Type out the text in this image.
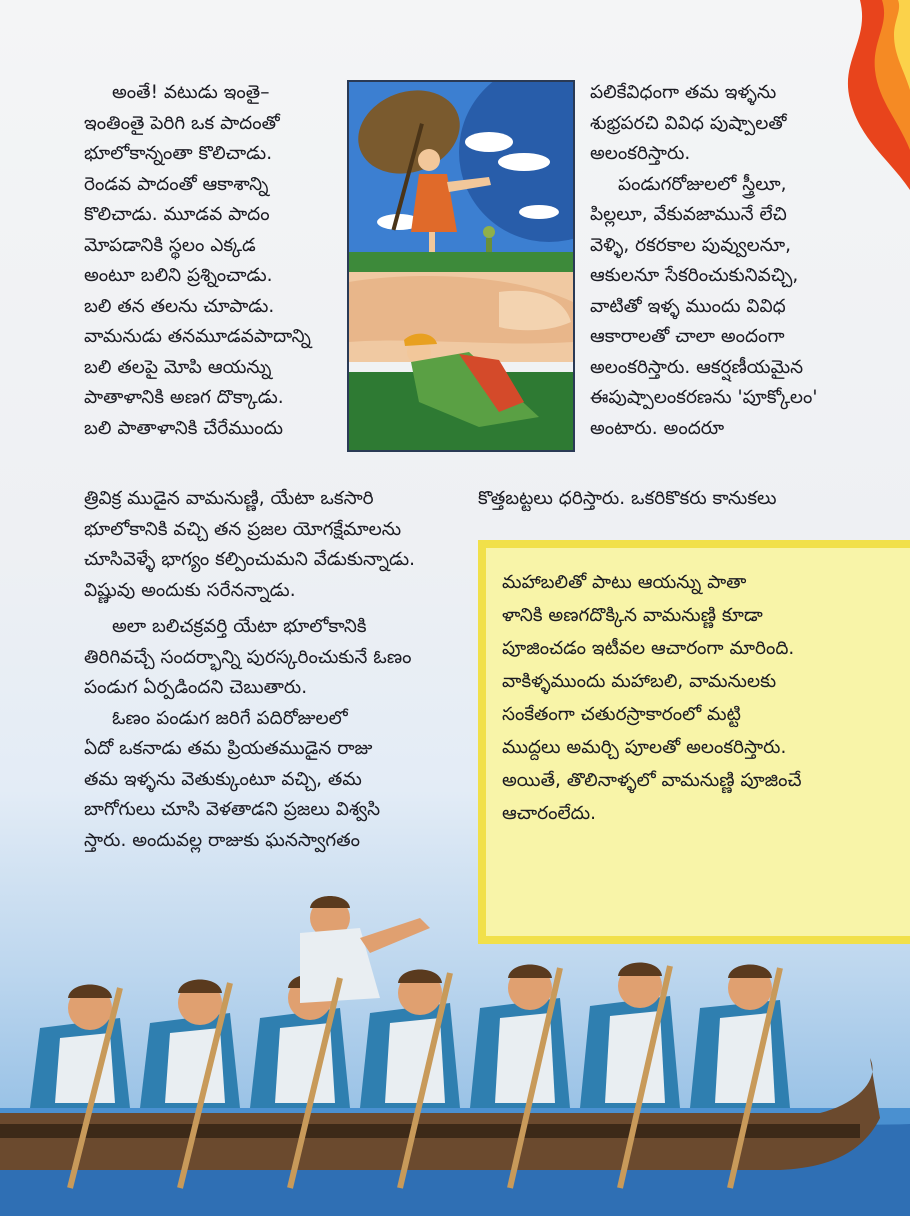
అంతే! వటుడు ఇంతై–
ఇంతింతై పెరిగి ఒక పాదంతో
భూలోకాన్నంతా కొలిచాడు.
రెండవ పాదంతో ఆకాశాన్ని
కొలిచాడు. మూడవ పాదం
మోపడానికి స్థలం ఎక్కడ
అంటూ బలిని ప్రశ్నించాడు.
బలి తన తలను చూపాడు.
వామనుడు తనమూడవపాదాన్ని
బలి తలపై మోపి ఆయన్ను
పాతాళానికి అణగ దొక్కాడు.
బలి పాతాళానికి చేరేముందు
పలికేవిధంగా తమ ఇళ్ళను
శుభ్రపరచి వివిధ పుష్పాలతో
అలంకరిస్తారు.
పండుగరోజులలో స్త్రీలూ,
పిల్లలూ, వేకువజామునే లేచి
వెళ్ళి, రకరకాల పువ్వులనూ,
ఆకులనూ సేకరించుకునివచ్చి,
వాటితో ఇళ్ళ ముందు వివిధ
ఆకారాలతో చాలా అందంగా
అలంకరిస్తారు. ఆకర్షణీయమైన
ఈపుష్పాలంకరణను 'పూక్కోలం'
అంటారు. అందరూ
కొత్తబట్టలు ధరిస్తారు. ఒకరికొకరు కానుకలు
త్రివిక్ర ముడైన వామనుణ్ణి, యేటా ఒకసారి
భూలోకానికి వచ్చి తన ప్రజల యోగక్షేమాలను
చూసివెళ్ళే భాగ్యం కల్పించుమని వేడుకున్నాడు.
విష్ణువు అందుకు సరేనన్నాడు.
అలా బలిచక్రవర్తి యేటా భూలోకానికి
తిరిగివచ్చే సందర్భాన్ని పురస్కరించుకునే ఓణం
పండుగ ఏర్పడిందని చెబుతారు.
ఓణం పండుగ జరిగే పదిరోజులలో
ఏదో ఒకనాడు తమ ప్రియతముడైన రాజు
తమ ఇళ్ళను వెతుక్కుంటూ వచ్చి, తమ
బాగోగులు చూసి వెళతాడని ప్రజలు విశ్వసి
స్తారు. అందువల్ల రాజుకు ఘనస్వాగతం
మహాబలితో పాటు ఆయన్ను పాతా
ళానికి అణగదొక్కిన వామనుణ్ణి కూడా
పూజించడం ఇటీవల ఆచారంగా మారింది.
వాకిళ్ళముందు మహాబలి, వామనులకు
సంకేతంగా చతురస్రాకారంలో మట్టి
ముద్దలు అమర్చి పూలతో అలంకరిస్తారు.
అయితే, తొలినాళ్ళలో వామనుణ్ణి పూజించే
ఆచారంలేదు.
